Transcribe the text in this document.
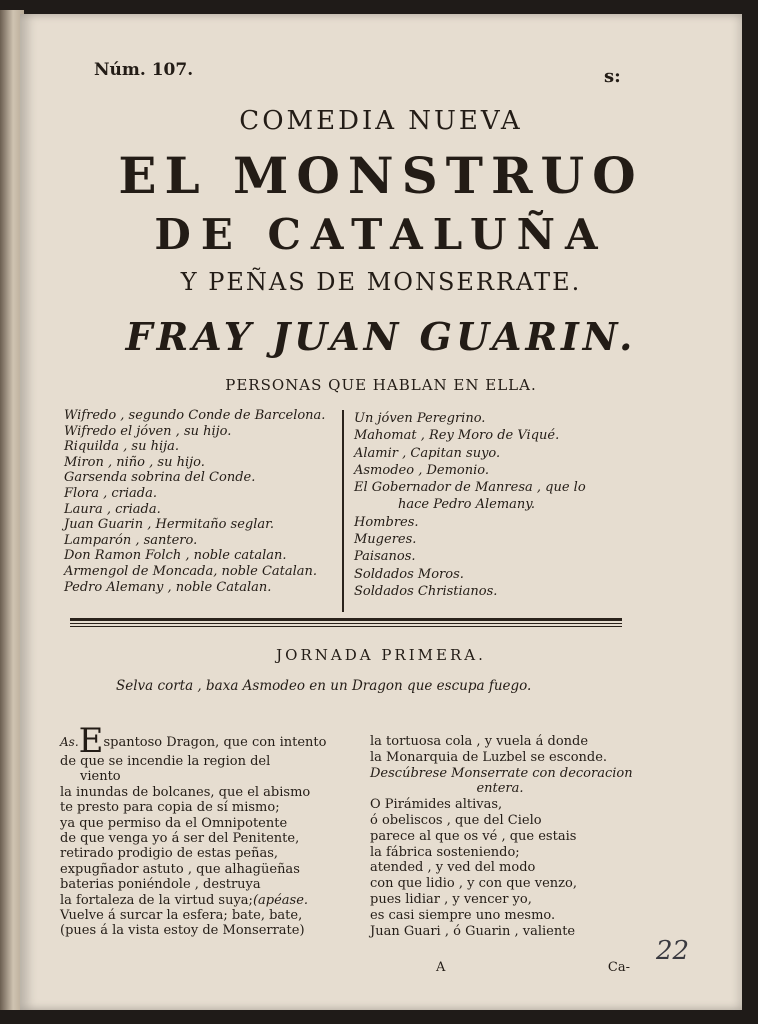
Núm. 107.	s:
COMEDIA NUEVA
EL MONSTRUO
DE CATALUÑA
Y PEÑAS DE MONSERRATE.
FRAY JUAN GUARIN.
PERSONAS QUE HABLAN EN ELLA.
Wifredo , segundo Conde de Barcelona.
Wifredo el jóven , su hijo.
Riquilda , su hija.
Miron , niño , su hijo.
Garsenda sobrina del Conde.
Flora , criada.
Laura , criada.
Juan Guarin , Hermitaño seglar.
Lamparón , santero.
Don Ramon Folch , noble catalan.
Armengol de Moncada, noble Catalan.
Pedro Alemany , noble Catalan.
Un jóven Peregrino.
Mahomat , Rey Moro de Viqué.
Alamir , Capitan suyo.
Asmodeo , Demonio.
El Gobernador de Manresa , que lo
hace Pedro Alemany.
Hombres.
Mugeres.
Paisanos.
Soldados Moros.
Soldados Christianos.
JORNADA PRIMERA.
Selva corta , baxa Asmodeo en un Dragon que escupa fuego.
As.Espantoso Dragon, que con intento
de que se incendie la region del
viento
la inundas de bolcanes, que el abismo
te presto para copia de sí mismo;
ya que permiso da el Omnipotente
de que venga yo á ser del Penitente,
retirado prodigio de estas peñas,
expugñador astuto , que alhagüeñas
baterias poniéndole , destruya
la fortaleza de la virtud suya;(apéase.
Vuelve á surcar la esfera; bate, bate,
(pues á la vista estoy de Monserrate)
la tortuosa cola , y vuela á donde
la Monarquia de Luzbel se esconde.
Descúbrese Monserrate con decoracion
entera.
O Pirámides altivas,
ó obeliscos , que del Cielo
parece al que os vé , que estais
la fábrica sosteniendo;
atended , y ved del modo
con que lidio , y con que venzo,
pues lidiar , y vencer yo,
es casi siempre uno mesmo.
Juan Guari , ó Guarin , valiente
A	Ca-
22
